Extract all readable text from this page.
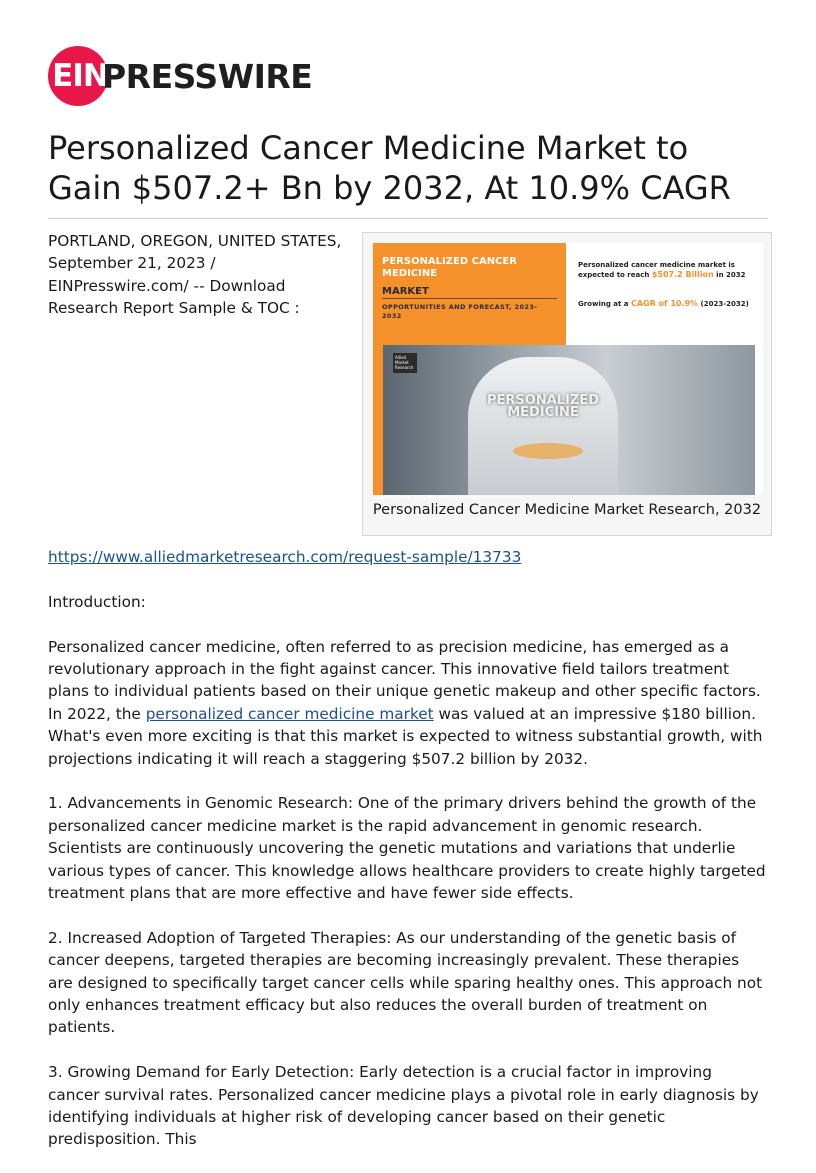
EIN
PRESSWIRE
Personalized Cancer Medicine Market to Gain $507.2+ Bn by 2032, At 10.9% CAGR
PERSONALIZED CANCER MEDICINE
MARKET
OPPORTUNITIES AND FORECAST, 2023-2032
Report Code: A13366 www.alliedmarketresearch.com
Personalized cancer medicine market is expected to reach $507.2 Billion in 2032
Growing at a CAGR of 10.9% (2023-2032)
Allied Market Research
PERSONALIZED MEDICINE
Personalized Cancer Medicine Market Research, 2032

PORTLAND, OREGON, UNITED STATES, September 21, 2023 / EINPresswire.com/ -- Download Research Report Sample & TOC : https://www.alliedmarketresearch.com/request-sample/13733

Introduction:

Personalized cancer medicine, often referred to as precision medicine, has emerged as a revolutionary approach in the fight against cancer. This innovative field tailors treatment plans to individual patients based on their unique genetic makeup and other specific factors. In 2022, the personalized cancer medicine market was valued at an impressive $180 billion. What's even more exciting is that this market is expected to witness substantial growth, with projections indicating it will reach a staggering $507.2 billion by 2032.

1. Advancements in Genomic Research: One of the primary drivers behind the growth of the personalized cancer medicine market is the rapid advancement in genomic research. Scientists are continuously uncovering the genetic mutations and variations that underlie various types of cancer. This knowledge allows healthcare providers to create highly targeted treatment plans that are more effective and have fewer side effects.

2. Increased Adoption of Targeted Therapies: As our understanding of the genetic basis of cancer deepens, targeted therapies are becoming increasingly prevalent. These therapies are designed to specifically target cancer cells while sparing healthy ones. This approach not only enhances treatment efficacy but also reduces the overall burden of treatment on patients.

3. Growing Demand for Early Detection: Early detection is a crucial factor in improving cancer survival rates. Personalized cancer medicine plays a pivotal role in early diagnosis by identifying individuals at higher risk of developing cancer based on their genetic predisposition. This
